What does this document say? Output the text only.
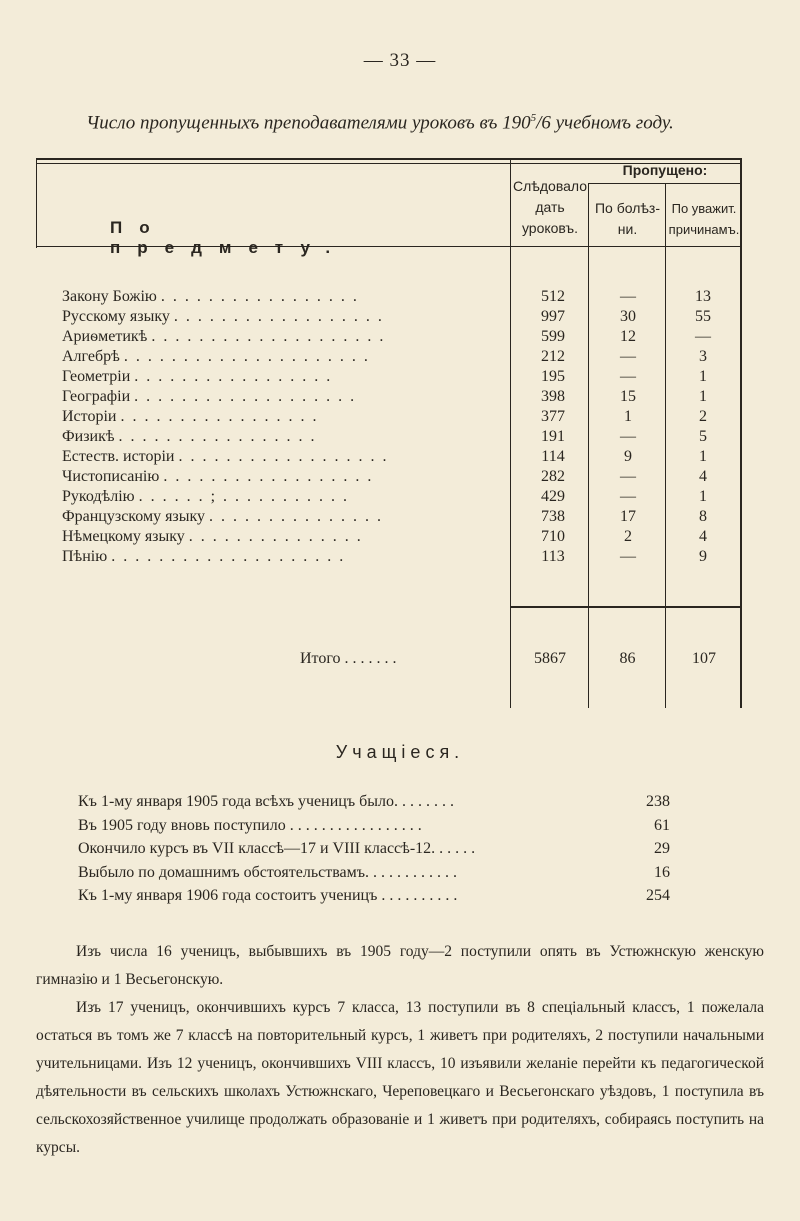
— 33 —
Число пропущенныхъ преподавателями уроковъ въ $190^5/6$ учебномъ году.
По предмету.
Слѣдовало
дать
уроковъ.
Пропущено:
По болѣз-
ни.
По уважит.
причинамъ.
Закону Божію . . . . . . . . . . . . . . . . .	512	—	13
Русскому языку . . . . . . . . . . . . . . . . . .	997	30	55
Ариѳметикѣ . . . . . . . . . . . . . . . . . . . .	599	12	—
Алгебрѣ . . . . . . . . . . . . . . . . . . . . .	212	—	3
Геометріи . . . . . . . . . . . . . . . . .	195	—	1
Географіи . . . . . . . . . . . . . . . . . . .	398	15	1
Исторіи . . . . . . . . . . . . . . . . .	377	1	2
Физикѣ . . . . . . . . . . . . . . . . .	191	—	5
Естеств. исторіи . . . . . . . . . . . . . . . . . .	114	9	1
Чистописанію . . . . . . . . . . . . . . . . . .	282	—	4
Рукодѣлію . . . . . . ; . . . . . . . . . . .	429	—	1
Французскому языку . . . . . . . . . . . . . . .	738	17	8
Нѣмецкому языку . . . . . . . . . . . . . . .	710	2	4
Пѣнію . . . . . . . . . . . . . . . . . . . .	113	—	9
Итого . . . . . . .	5867	86	107
Учащіеся.
Къ 1-му января 1905 года всѣхъ ученицъ было. . . . . . . .	238
Въ 1905 году вновь поступило . . . . . . . . . . . . . . . . .	61
Окончило курсъ въ VII классѣ—17 и VIII классѣ-12. . . . . .	29
Выбыло по домашнимъ обстоятельствамъ. . . . . . . . . . . .	16
Къ 1-му января 1906 года состоитъ ученицъ . . . . . . . . . .	254
Изъ числа 16 ученицъ, выбывшихъ въ 1905 году—2 поступили опять въ Устюжнскую женскую гимназію и 1 Весьегонскую.
Изъ 17 ученицъ, окончившихъ курсъ 7 класса, 13 поступили въ 8 спеціальный классъ, 1 пожелала остаться въ томъ же 7 классѣ на повторительный курсъ, 1 живетъ при родителяхъ, 2 поступили начальными учительницами. Изъ 12 ученицъ, окончившихъ VIII классъ, 10 изъявили желаніе перейти къ педагогической дѣятельности въ сельскихъ школахъ Устюжнскаго, Череповецкаго и Весьегонскаго уѣздовъ, 1 поступила въ сельскохозяйственное училище продолжать образованіе и 1 живетъ при родителяхъ, собираясь поступить на курсы.
